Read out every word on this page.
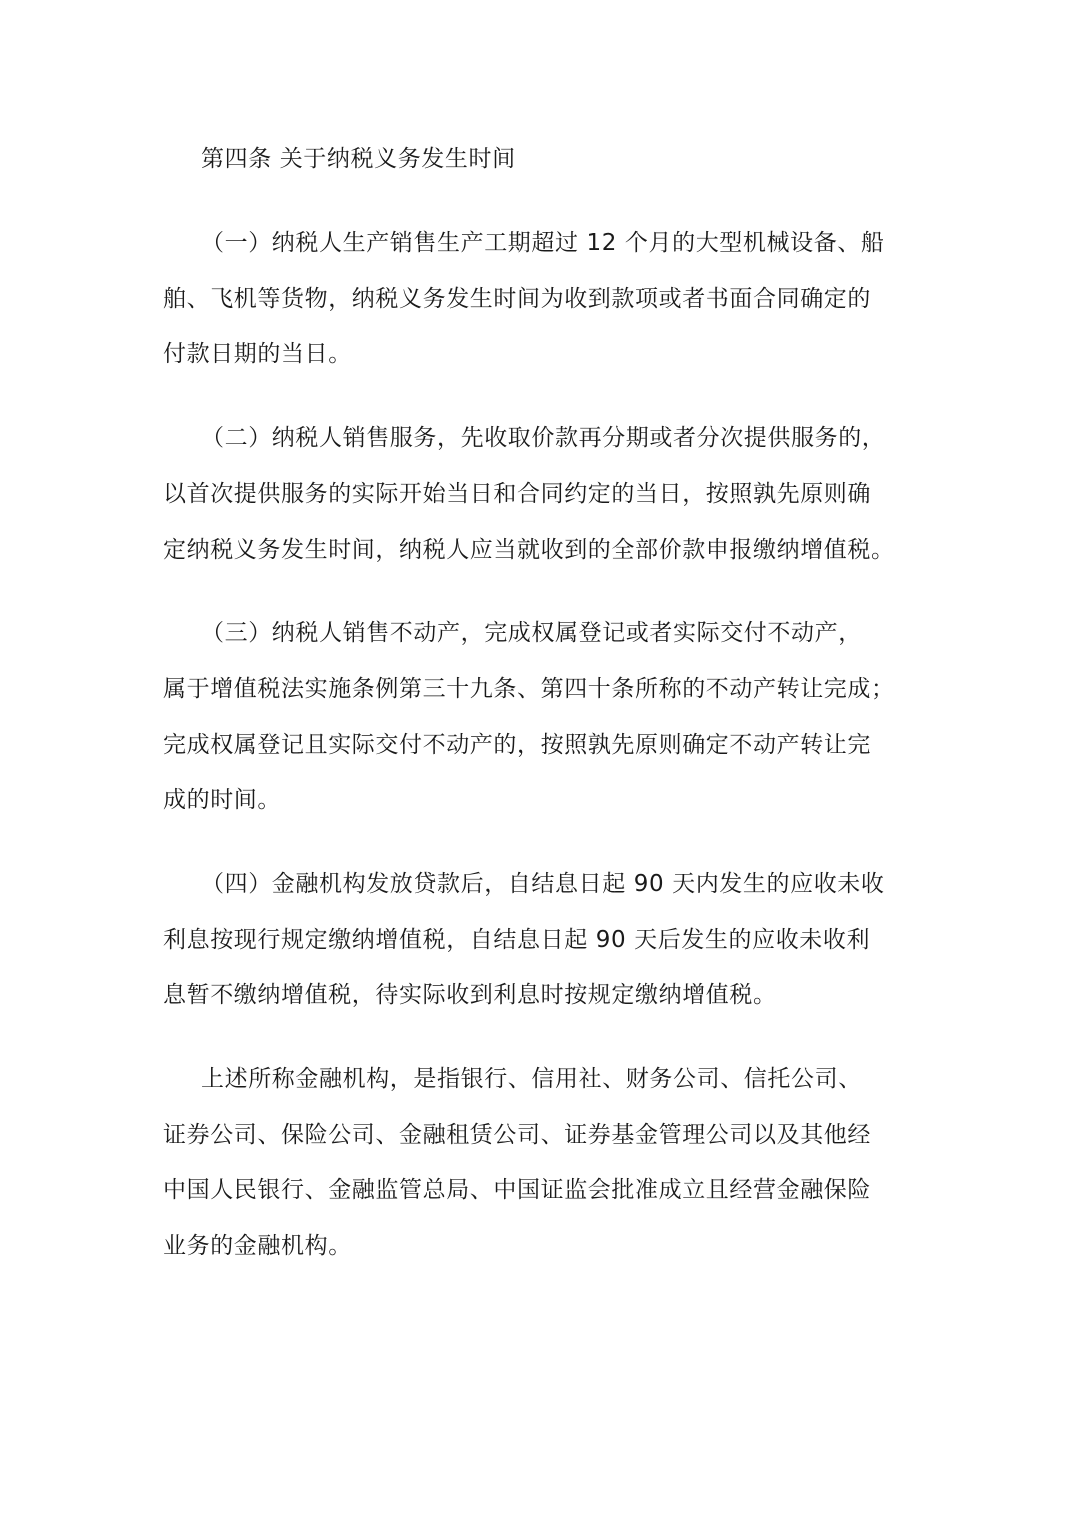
第四条 关于纳税义务发生时间
（一）纳税人生产销售生产工期超过 12 个月的大型机械设备、船
舶、飞机等货物，纳税义务发生时间为收到款项或者书面合同确定的
付款日期的当日。
（二）纳税人销售服务，先收取价款再分期或者分次提供服务的，
以首次提供服务的实际开始当日和合同约定的当日，按照孰先原则确
定纳税义务发生时间，纳税人应当就收到的全部价款申报缴纳增值税。
（三）纳税人销售不动产，完成权属登记或者实际交付不动产，
属于增值税法实施条例第三十九条、第四十条所称的不动产转让完成；
完成权属登记且实际交付不动产的，按照孰先原则确定不动产转让完
成的时间。
（四）金融机构发放贷款后，自结息日起 90 天内发生的应收未收
利息按现行规定缴纳增值税，自结息日起 90 天后发生的应收未收利
息暂不缴纳增值税，待实际收到利息时按规定缴纳增值税。
上述所称金融机构，是指银行、信用社、财务公司、信托公司、
证券公司、保险公司、金融租赁公司、证券基金管理公司以及其他经
中国人民银行、金融监管总局、中国证监会批准成立且经营金融保险
业务的金融机构。
